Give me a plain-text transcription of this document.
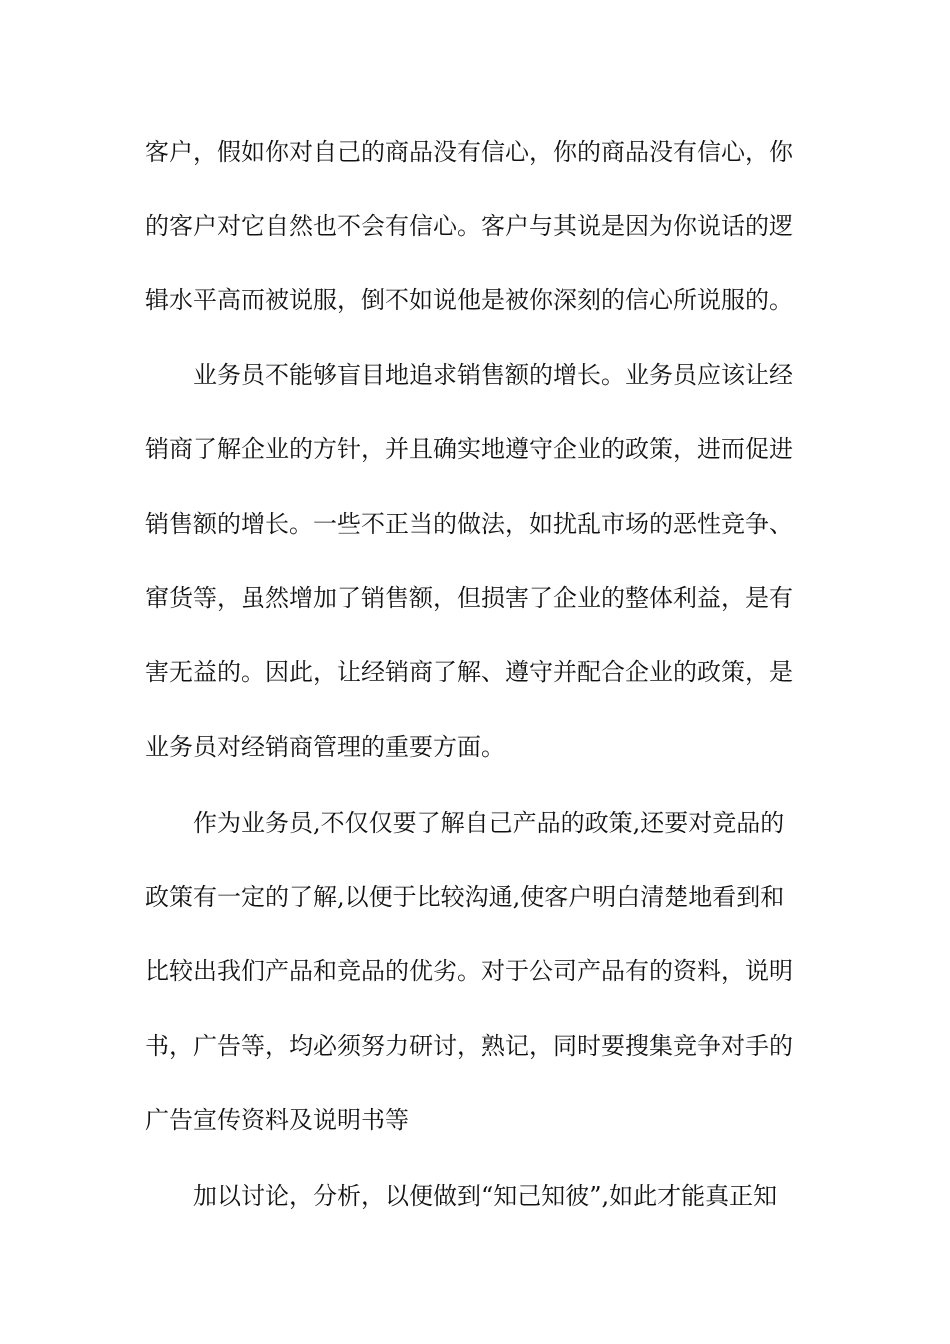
客户，假如你对自己的商品没有信心，你的商品没有信心，你
的客户对它自然也不会有信心。客户与其说是因为你说话的逻
辑水平高而被说服，倒不如说他是被你深刻的信心所说服的。
业务员不能够盲目地追求销售额的增长。业务员应该让经
销商了解企业的方针，并且确实地遵守企业的政策，进而促进
销售额的增长。一些不正当的做法，如扰乱市场的恶性竞争、
窜货等，虽然增加了销售额，但损害了企业的整体利益，是有
害无益的。因此，让经销商了解、遵守并配合企业的政策，是
业务员对经销商管理的重要方面。
作为业务员,不仅仅要了解自己产品的政策,还要对竞品的
政策有一定的了解,以便于比较沟通,使客户明白清楚地看到和
比较出我们产品和竞品的优劣。对于公司产品有的资料，说明
书，广告等，均必须努力研讨，熟记，同时要搜集竞争对手的
广告宣传资料及说明书等
加以讨论，分析，以便做到“知己知彼”,如此才能真正知
